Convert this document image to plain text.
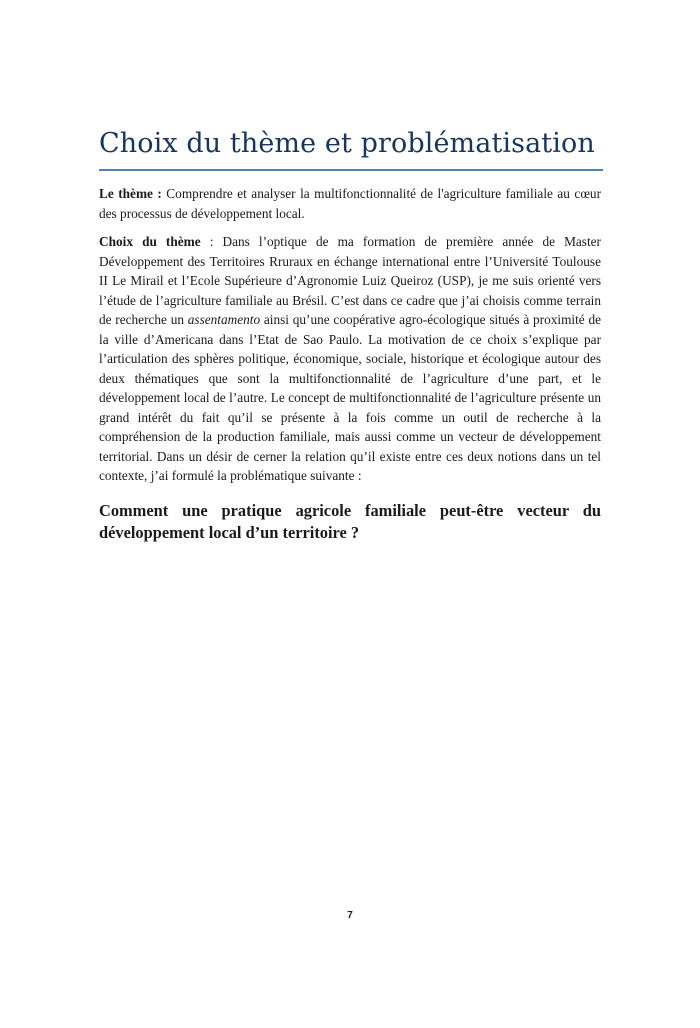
Choix du thème et problématisation

Le thème : Comprendre et analyser la multifonctionnalité de l'agriculture familiale au cœur des processus de développement local.

Choix du thème : Dans l’optique de ma formation de première année de Master Développement des Territoires Rruraux en échange international entre l’Université Toulouse II Le Mirail et l’Ecole Supérieure d’Agronomie Luiz Queiroz (USP), je me suis orienté vers l’étude de l’agriculture familiale au Brésil. C’est dans ce cadre que j’ai choisis comme terrain de recherche un assentamento ainsi qu’une coopérative agro-écologique situés à proximité de la ville d’Americana dans l’Etat de Sao Paulo. La motivation de ce choix s’explique par l’articulation des sphères politique, économique, sociale, historique et écologique autour des deux thématiques que sont la multifonctionnalité de l’agriculture d’une part, et le développement local de l’autre. Le concept de multifonctionnalité de l’agriculture présente un grand intérêt du fait qu’il se présente à la fois comme un outil de recherche à la compréhension de la production familiale, mais aussi comme un vecteur de développement territorial. Dans un désir de cerner la relation qu’il existe entre ces deux notions dans un tel contexte, j’ai formulé la problématique suivante :

Comment une pratique agricole familiale peut-être vecteur du développement local d’un territoire ?

7
